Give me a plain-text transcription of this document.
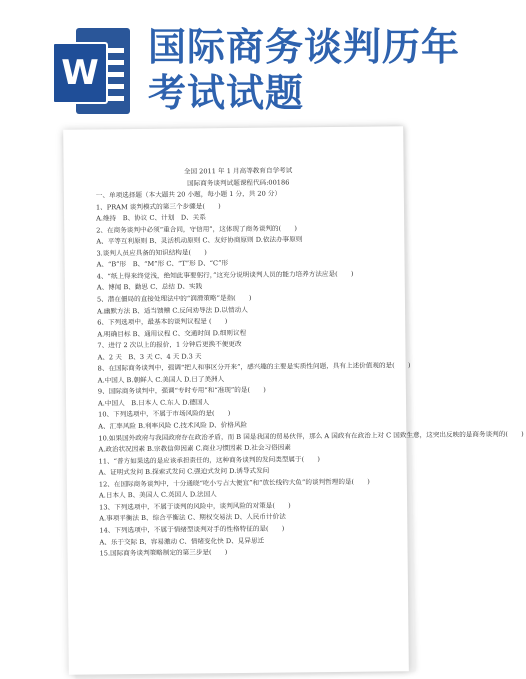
W
国际商务谈判历年考试试题
全国 2011 年 1 月高等教育自学考试
国际商务谈判试题课程代码:00186
一、单项选择题（本大题共 20 小题，每小题 1 分，共 20 分）
1、PRAM 谈判模式的第三个步骤是(　　)
A.维持　B、协议 C、计划　D、关系
2、在商务谈判中必须“重合同，守信用”，这体现了商务谈判的(　　)
A、平等互利原则 B、灵活机动原则 C、友好协商原则 D.依法办事原则
3.谈判人员应具备的知识结构是(　　)
A、“B”形　B、“M”形 C、“T”形 D、“C”形
4、“纸上得来终觉浅，绝知此事要躬行，”这充分说明谈判人员的能力培养方法应是(　　)
A、博闻 B、勤思 C、总结 D、实践
5、潜在僵局的直接处理法中的“润滑策略”是指(　　)
A.幽默方法 B、适当馈赠 C.反问劝导法 D.以情动人
6、下列选项中，最基本的谈判议程是 (　　)
A.明确目标 B、通用议程 C、交通时间 D.细则议程
7、进行 2 次以上的报价，1 分钟后更换不便更改
A、2 天　B、3 天 C、4 天 D.3 天
8、在国际商务谈判中，强调“把人和事区分开来”，感兴趣的主要是实质性问题，具有上述价值观的是(　　)
A.中国人 B.朝鲜人 C.美国人 D.日了美洲人
9、国际商务谈判中，强调“专时专用”和“准现”的是(　　)
A.中国人　B.日本人 C.东人 D.德国人
10、下列选项中，不属于市场风险的是(　　)
A、汇率风险 B.利率风险 C.技术风险 D、价格风险
10.如果国外政府与我国政府存在政治矛盾，而 B 国是我国的贸易伙伴，那么 A 国政有在政治上对 C 国致生意，这突出反映的是商务谈判的(　　)
A.政治状况因素 B.宗教信仰因素 C.商业习惯因素 D.社会习俗因素
11、“普方如果选的是应该承担责任的，这种商务谈判的发问类型属于(　　)
A、证明式发问 B.探索式发问 C.强迫式发问 D.诱导式发问
12、在国际商务谈判中，十分通晓“吃小亏占大便宜”和“放长线钓大鱼”的谈判哲理的是(　　)
A.日本人 B、美国人 C.英国人 D.法国人
13、下列选项中，不属于谈判的风险中，谈判风险的对策是(　　)
A.事项平衡法 B、综合平衡法 C、期权交易法 D、人民币计价法
14、下列选项中，不属于情绪型谈判对手的性格特征的是(　　)
A、乐于交际 B、容易激动 C、情绪变化快 D、見异思迁
15.国际商务谈判策略制定的第三步是(　　)
